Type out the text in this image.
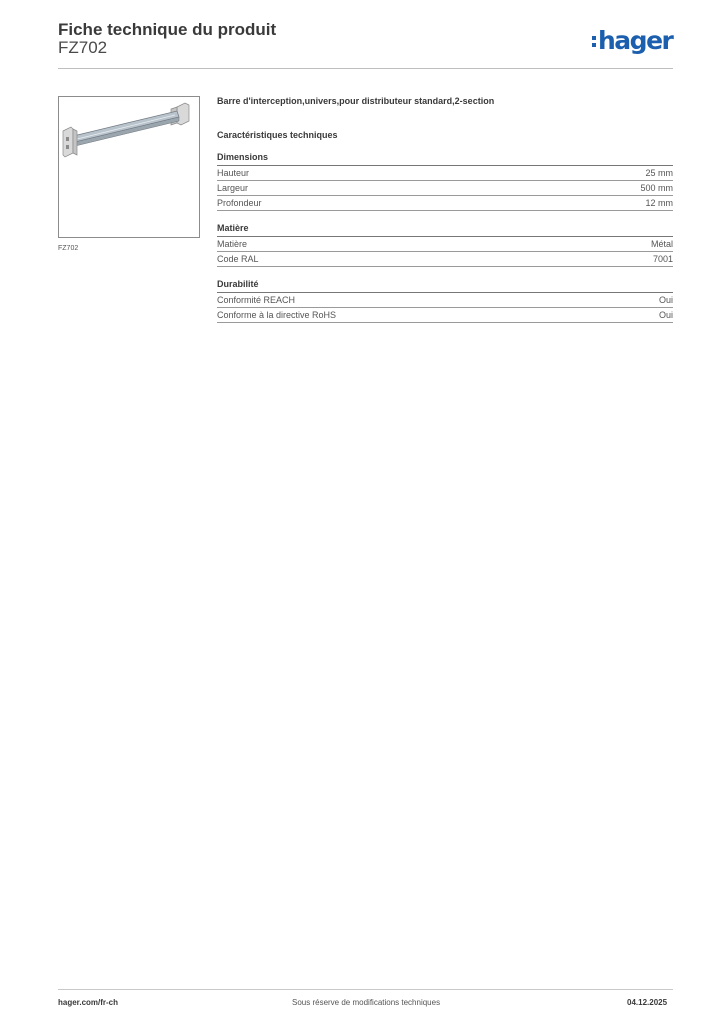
Fiche technique du produit
FZ702	hager
FZ702
Barre d'interception,univers,pour distributeur standard,2-section
Caractéristiques techniques
Dimensions
Hauteur	25 mm
Largeur	500 mm
Profondeur	12 mm
Matière
Matière	Métal
Code RAL	7001
Durabilité
Conformité REACH	Oui
Conforme à la directive RoHS	Oui
hager.com/fr-ch	Sous réserve de modifications techniques	04.12.2025
